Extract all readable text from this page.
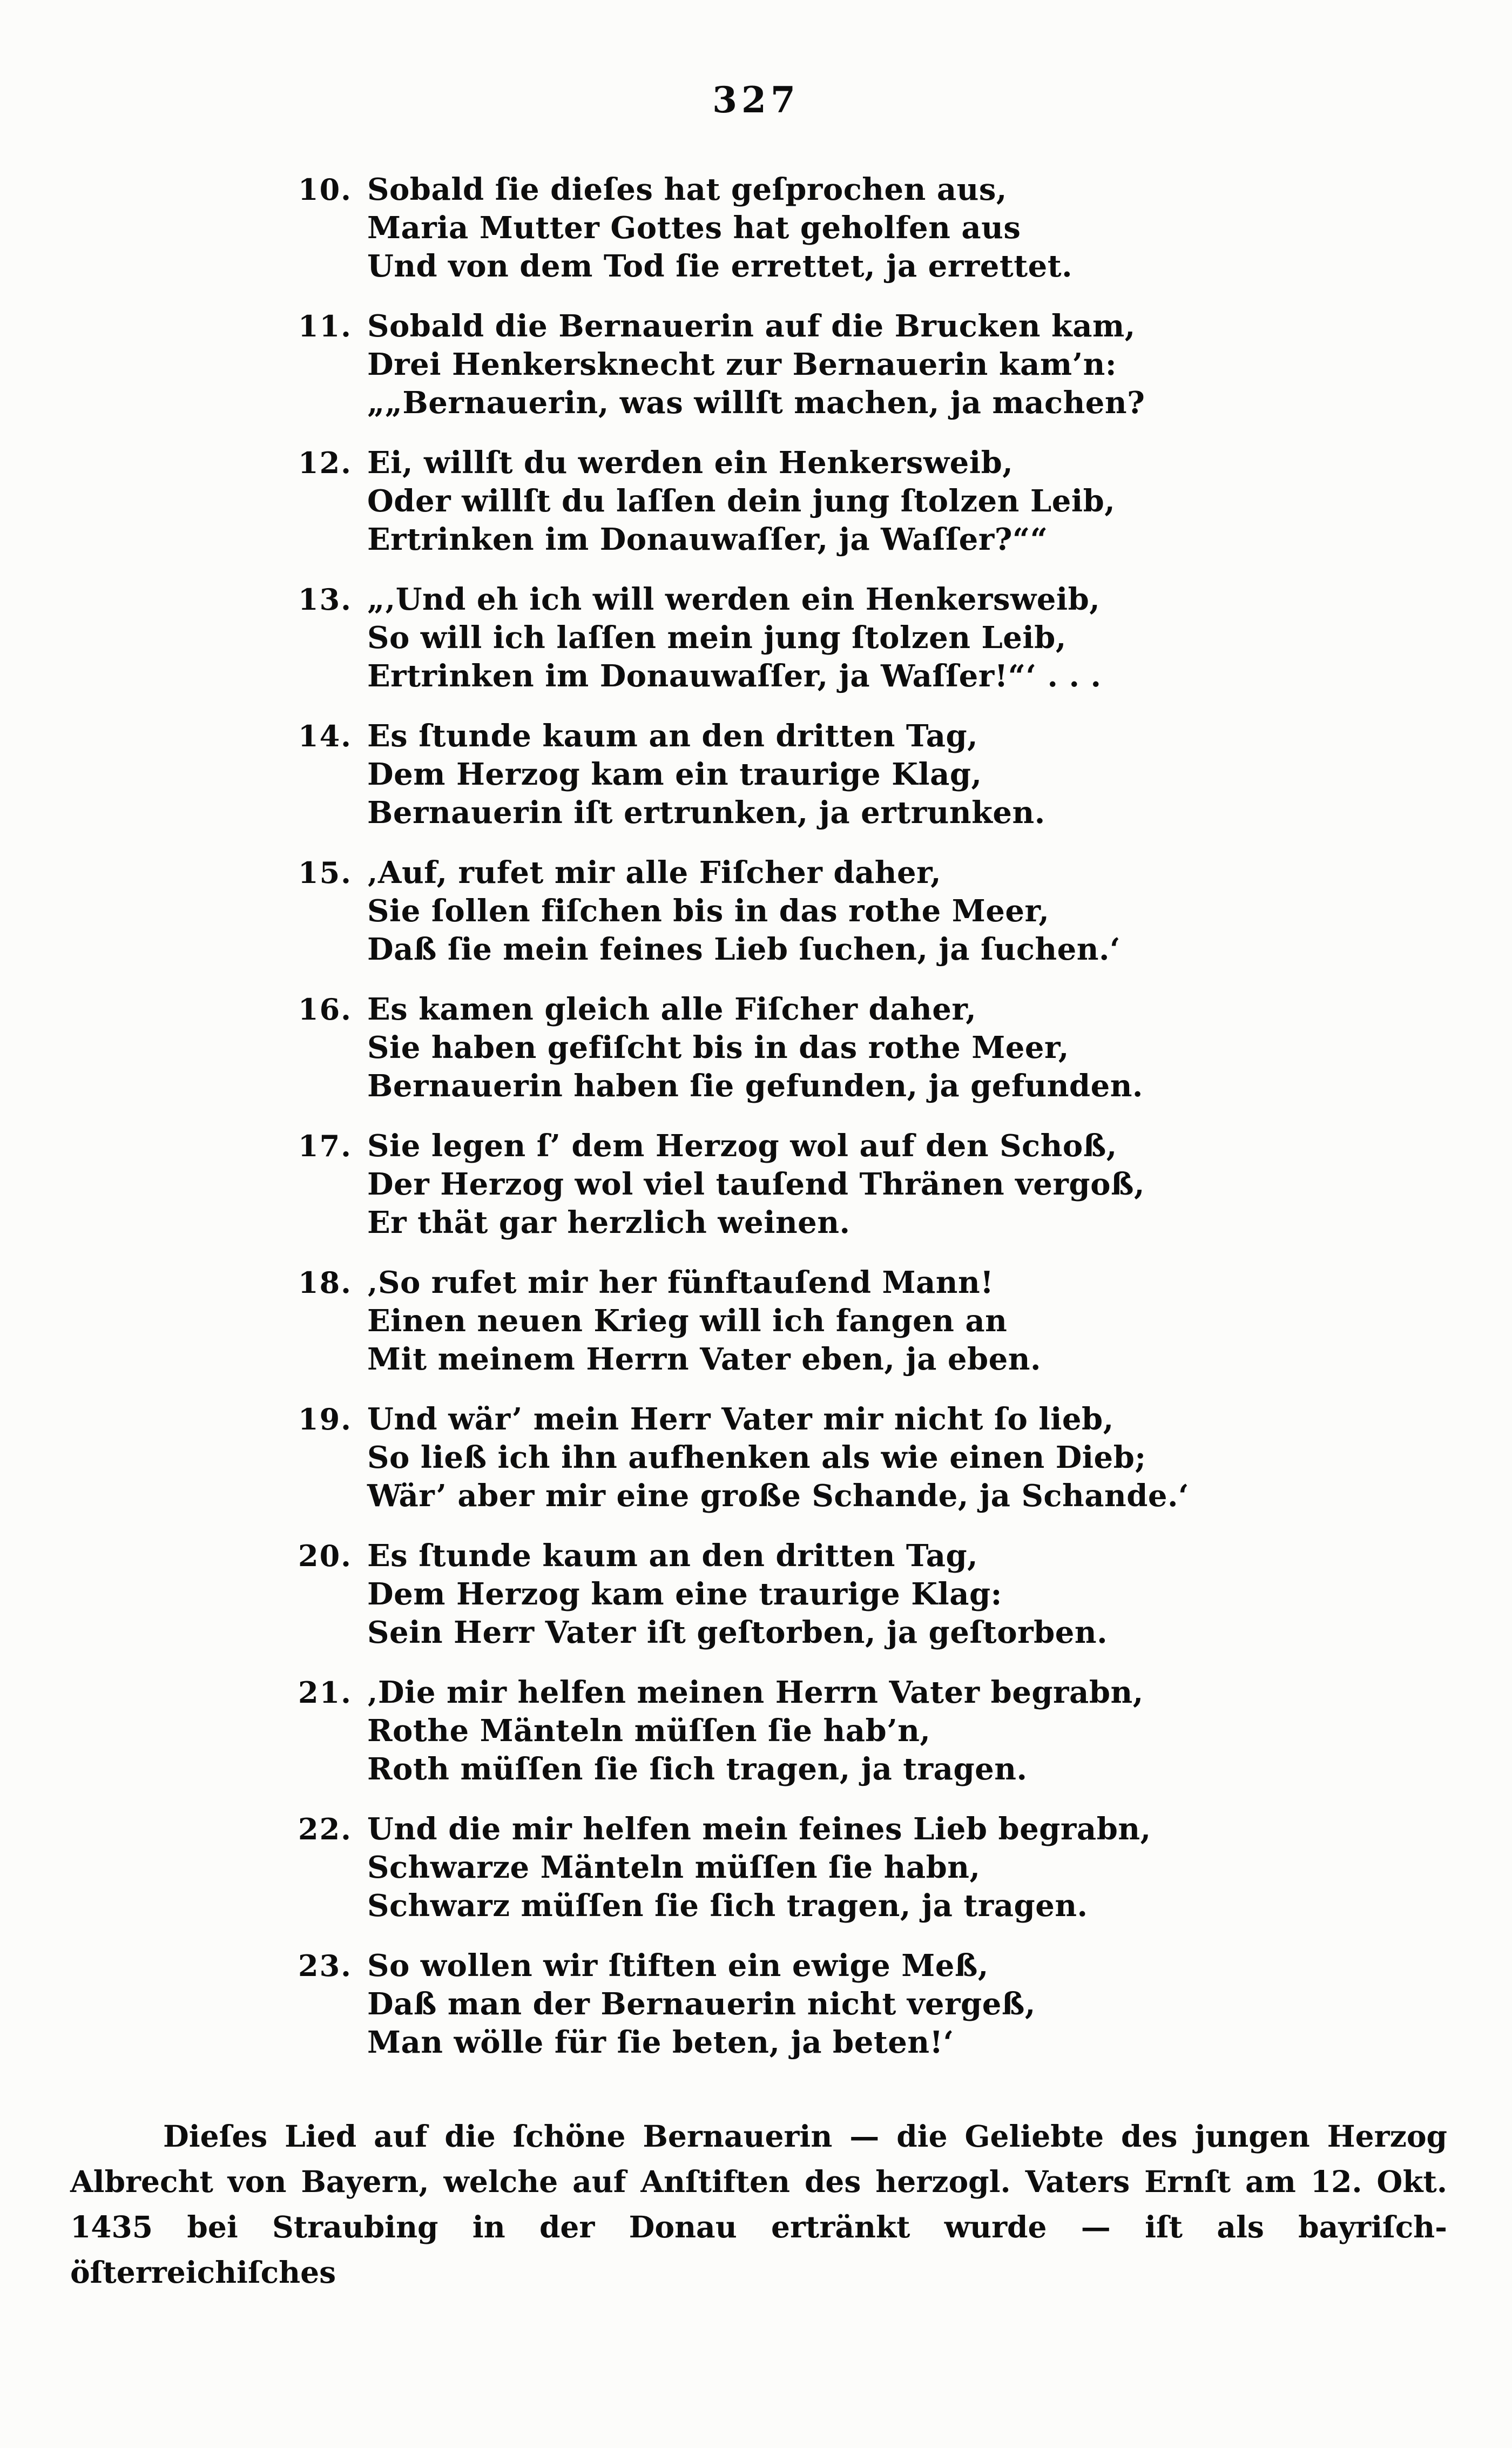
327
10. Sobald ſie dieſes hat geſprochen aus,
Maria Mutter Gottes hat geholfen aus
Und von dem Tod ſie errettet, ja errettet.
11. Sobald die Bernauerin auf die Brucken kam,
Drei Henkersknecht zur Bernauerin kam’n:
„„Bernauerin, was willſt machen, ja machen?
12. Ei, willſt du werden ein Henkersweib,
Oder willſt du laſſen dein jung ſtolzen Leib,
Ertrinken im Donauwaſſer, ja Waſſer?““
13. „‚Und eh ich will werden ein Henkersweib,
So will ich laſſen mein jung ſtolzen Leib,
Ertrinken im Donauwaſſer, ja Waſſer!“‘ . . .
14. Es ſtunde kaum an den dritten Tag,
Dem Herzog kam ein traurige Klag,
Bernauerin iſt ertrunken, ja ertrunken.
15. ‚Auf, rufet mir alle Fiſcher daher,
Sie ſollen fiſchen bis in das rothe Meer,
Daß ſie mein feines Lieb ſuchen, ja ſuchen.‘
16. Es kamen gleich alle Fiſcher daher,
Sie haben gefiſcht bis in das rothe Meer,
Bernauerin haben ſie gefunden, ja gefunden.
17. Sie legen ſ’ dem Herzog wol auf den Schoß,
Der Herzog wol viel tauſend Thränen vergoß,
Er thät gar herzlich weinen.
18. ‚So rufet mir her fünftauſend Mann!
Einen neuen Krieg will ich fangen an
Mit meinem Herrn Vater eben, ja eben.
19. Und wär’ mein Herr Vater mir nicht ſo lieb,
So ließ ich ihn aufhenken als wie einen Dieb;
Wär’ aber mir eine große Schande, ja Schande.‘
20. Es ſtunde kaum an den dritten Tag,
Dem Herzog kam eine traurige Klag:
Sein Herr Vater iſt geſtorben, ja geſtorben.
21. ‚Die mir helfen meinen Herrn Vater begrabn,
Rothe Mänteln müſſen ſie hab’n,
Roth müſſen ſie ſich tragen, ja tragen.
22. Und die mir helfen mein feines Lieb begrabn,
Schwarze Mänteln müſſen ſie habn,
Schwarz müſſen ſie ſich tragen, ja tragen.
23. So wollen wir ſtiften ein ewige Meß,
Daß man der Bernauerin nicht vergeß,
Man wölle für ſie beten, ja beten!‘
Dieſes Lied auf die ſchöne Bernauerin — die Geliebte des jungen Herzog
Albrecht von Bayern, welche auf Anſtiften des herzogl. Vaters Ernſt am 12. Okt.
1435 bei Straubing in der Donau ertränkt wurde — iſt als bayriſch-öſterreichiſches
